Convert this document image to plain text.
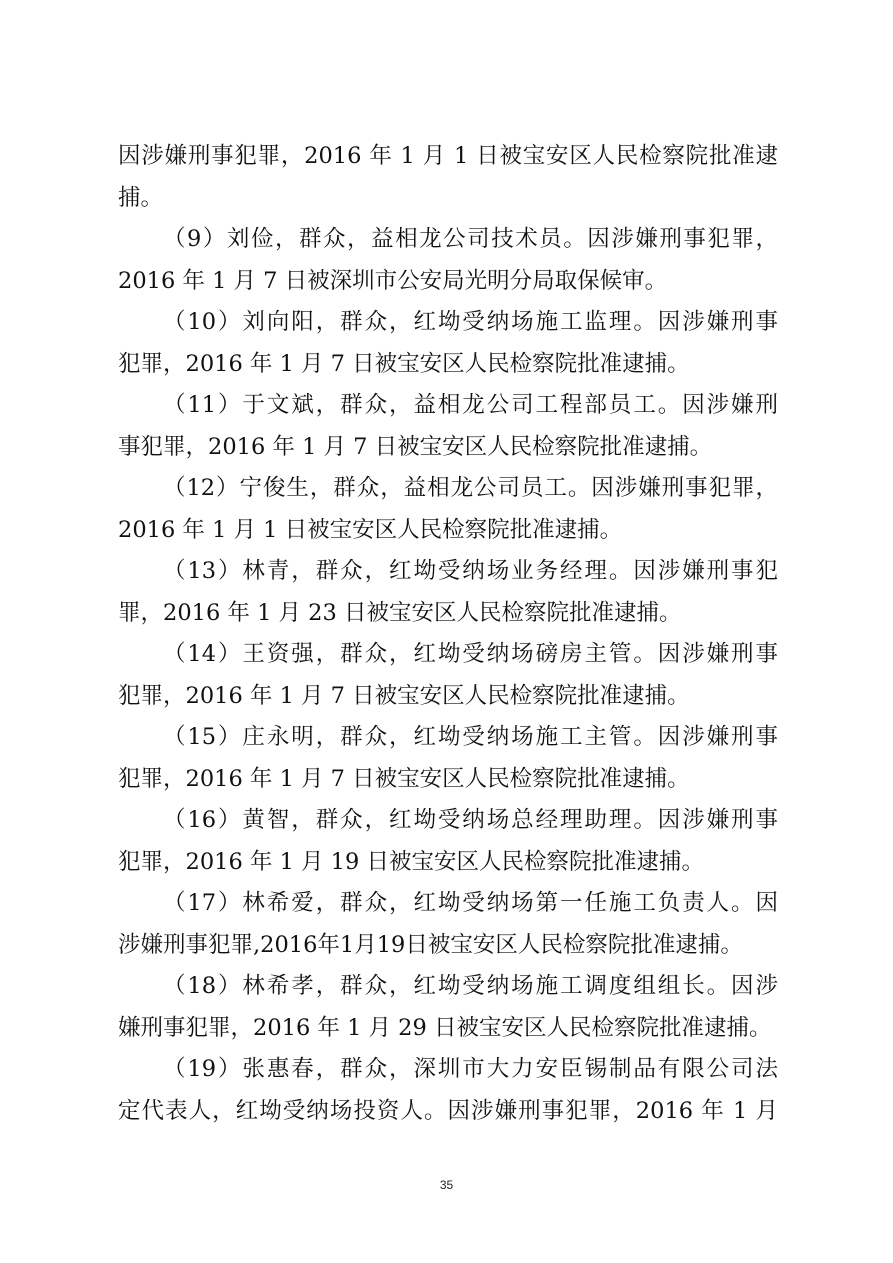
因涉嫌刑事犯罪，2016 年 1 月 1 日被宝安区人民检察院批准逮
捕。
（9）刘俭，群众，益相龙公司技术员。因涉嫌刑事犯罪，
2016 年 1 月 7 日被深圳市公安局光明分局取保候审。
（10）刘向阳，群众，红坳受纳场施工监理。因涉嫌刑事
犯罪，2016 年 1 月 7 日被宝安区人民检察院批准逮捕。
（11）于文斌，群众，益相龙公司工程部员工。因涉嫌刑
事犯罪，2016 年 1 月 7 日被宝安区人民检察院批准逮捕。
（12）宁俊生，群众，益相龙公司员工。因涉嫌刑事犯罪，
2016 年 1 月 1 日被宝安区人民检察院批准逮捕。
（13）林青，群众，红坳受纳场业务经理。因涉嫌刑事犯
罪，2016 年 1 月 23 日被宝安区人民检察院批准逮捕。
（14）王资强，群众，红坳受纳场磅房主管。因涉嫌刑事
犯罪，2016 年 1 月 7 日被宝安区人民检察院批准逮捕。
（15）庄永明，群众，红坳受纳场施工主管。因涉嫌刑事
犯罪，2016 年 1 月 7 日被宝安区人民检察院批准逮捕。
（16）黄智，群众，红坳受纳场总经理助理。因涉嫌刑事
犯罪，2016 年 1 月 19 日被宝安区人民检察院批准逮捕。
（17）林希爱，群众，红坳受纳场第一任施工负责人。因
涉嫌刑事犯罪,2016年1月19日被宝安区人民检察院批准逮捕。
（18）林希孝，群众，红坳受纳场施工调度组组长。因涉
嫌刑事犯罪，2016 年 1 月 29 日被宝安区人民检察院批准逮捕。
（19）张惠春，群众，深圳市大力安臣锡制品有限公司法
定代表人，红坳受纳场投资人。因涉嫌刑事犯罪，2016 年 1 月
35
